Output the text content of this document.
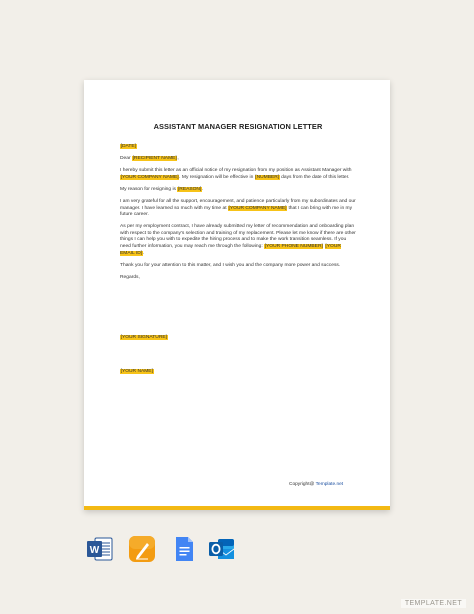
ASSISTANT MANAGER RESIGNATION LETTER

[DATE]

Dear [RECIPIENT NAME],

I hereby submit this letter as an official notice of my resignation from my position as Assistant Manager with [YOUR COMPANY NAME]. My resignation will be effective in [NUMBER] days from the date of this letter.

My reason for resigning is [REASON].

I am very grateful for all the support, encouragement, and patience particularly from my subordinates and our manager. I have learned so much with my time at [YOUR COMPANY NAME] that I can bring with me in my future career.

As per my employment contract, I have already submitted my letter of recommendation and onboarding plan with respect to the company's selection and training of my replacement. Please let me know if there are other things I can help you with to expedite the hiring process and to make the work transition seamless. If you need further information, you may reach me through the following: [YOUR PHONE NUMBER] [YOUR EMAIL ID].

Thank you for your attention to this matter, and I wish you and the company more power and success.

Regards,

[YOUR SIGNATURE]
[YOUR NAME]
Copyright@ Template.net
W
TEMPLATE.NET
